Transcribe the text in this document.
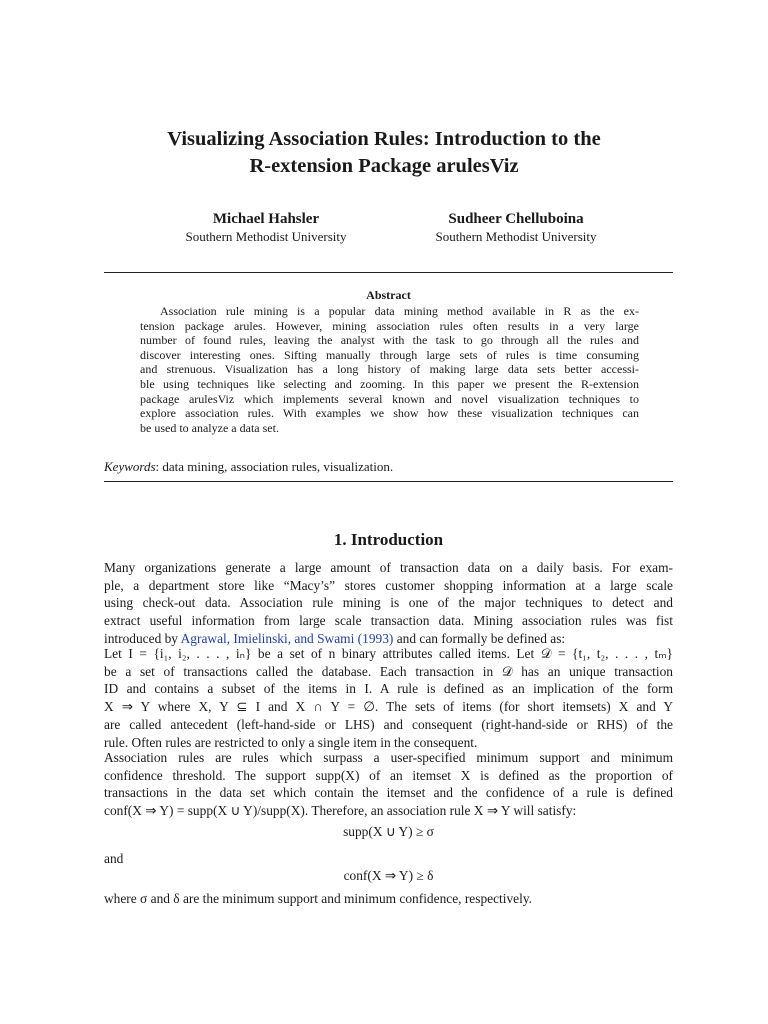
Visualizing Association Rules: Introduction to the
R-extension Package arulesViz
Michael Hahsler
Southern Methodist University
Sudheer Chelluboina
Southern Methodist University
Abstract
Association rule mining is a popular data mining method available in R as the ex-
tension package arules. However, mining association rules often results in a very large
number of found rules, leaving the analyst with the task to go through all the rules and
discover interesting ones. Sifting manually through large sets of rules is time consuming
and strenuous. Visualization has a long history of making large data sets better accessi-
ble using techniques like selecting and zooming. In this paper we present the R-extension
package arulesViz which implements several known and novel visualization techniques to
explore association rules. With examples we show how these visualization techniques can
be used to analyze a data set.
Keywords: data mining, association rules, visualization.
1. Introduction
Many organizations generate a large amount of transaction data on a daily basis. For exam-
ple, a department store like “Macy’s” stores customer shopping information at a large scale
using check-out data. Association rule mining is one of the major techniques to detect and
extract useful information from large scale transaction data. Mining association rules was fist
introduced by Agrawal, Imielinski, and Swami (1993) and can formally be defined as:
Let I = {i₁, i₂, . . . , iₙ} be a set of n binary attributes called items. Let 𝒟 = {t₁, t₂, . . . , tₘ}
be a set of transactions called the database. Each transaction in 𝒟 has an unique transaction
ID and contains a subset of the items in I. A rule is defined as an implication of the form
X ⇒ Y where X, Y ⊆ I and X ∩ Y = ∅. The sets of items (for short itemsets) X and Y
are called antecedent (left-hand-side or LHS) and consequent (right-hand-side or RHS) of the
rule. Often rules are restricted to only a single item in the consequent.
Association rules are rules which surpass a user-specified minimum support and minimum
confidence threshold. The support supp(X) of an itemset X is defined as the proportion of
transactions in the data set which contain the itemset and the confidence of a rule is defined
conf(X ⇒ Y) = supp(X ∪ Y)/supp(X). Therefore, an association rule X ⇒ Y will satisfy:
supp(X ∪ Y) ≥ σ
and
conf(X ⇒ Y) ≥ δ
where σ and δ are the minimum support and minimum confidence, respectively.
